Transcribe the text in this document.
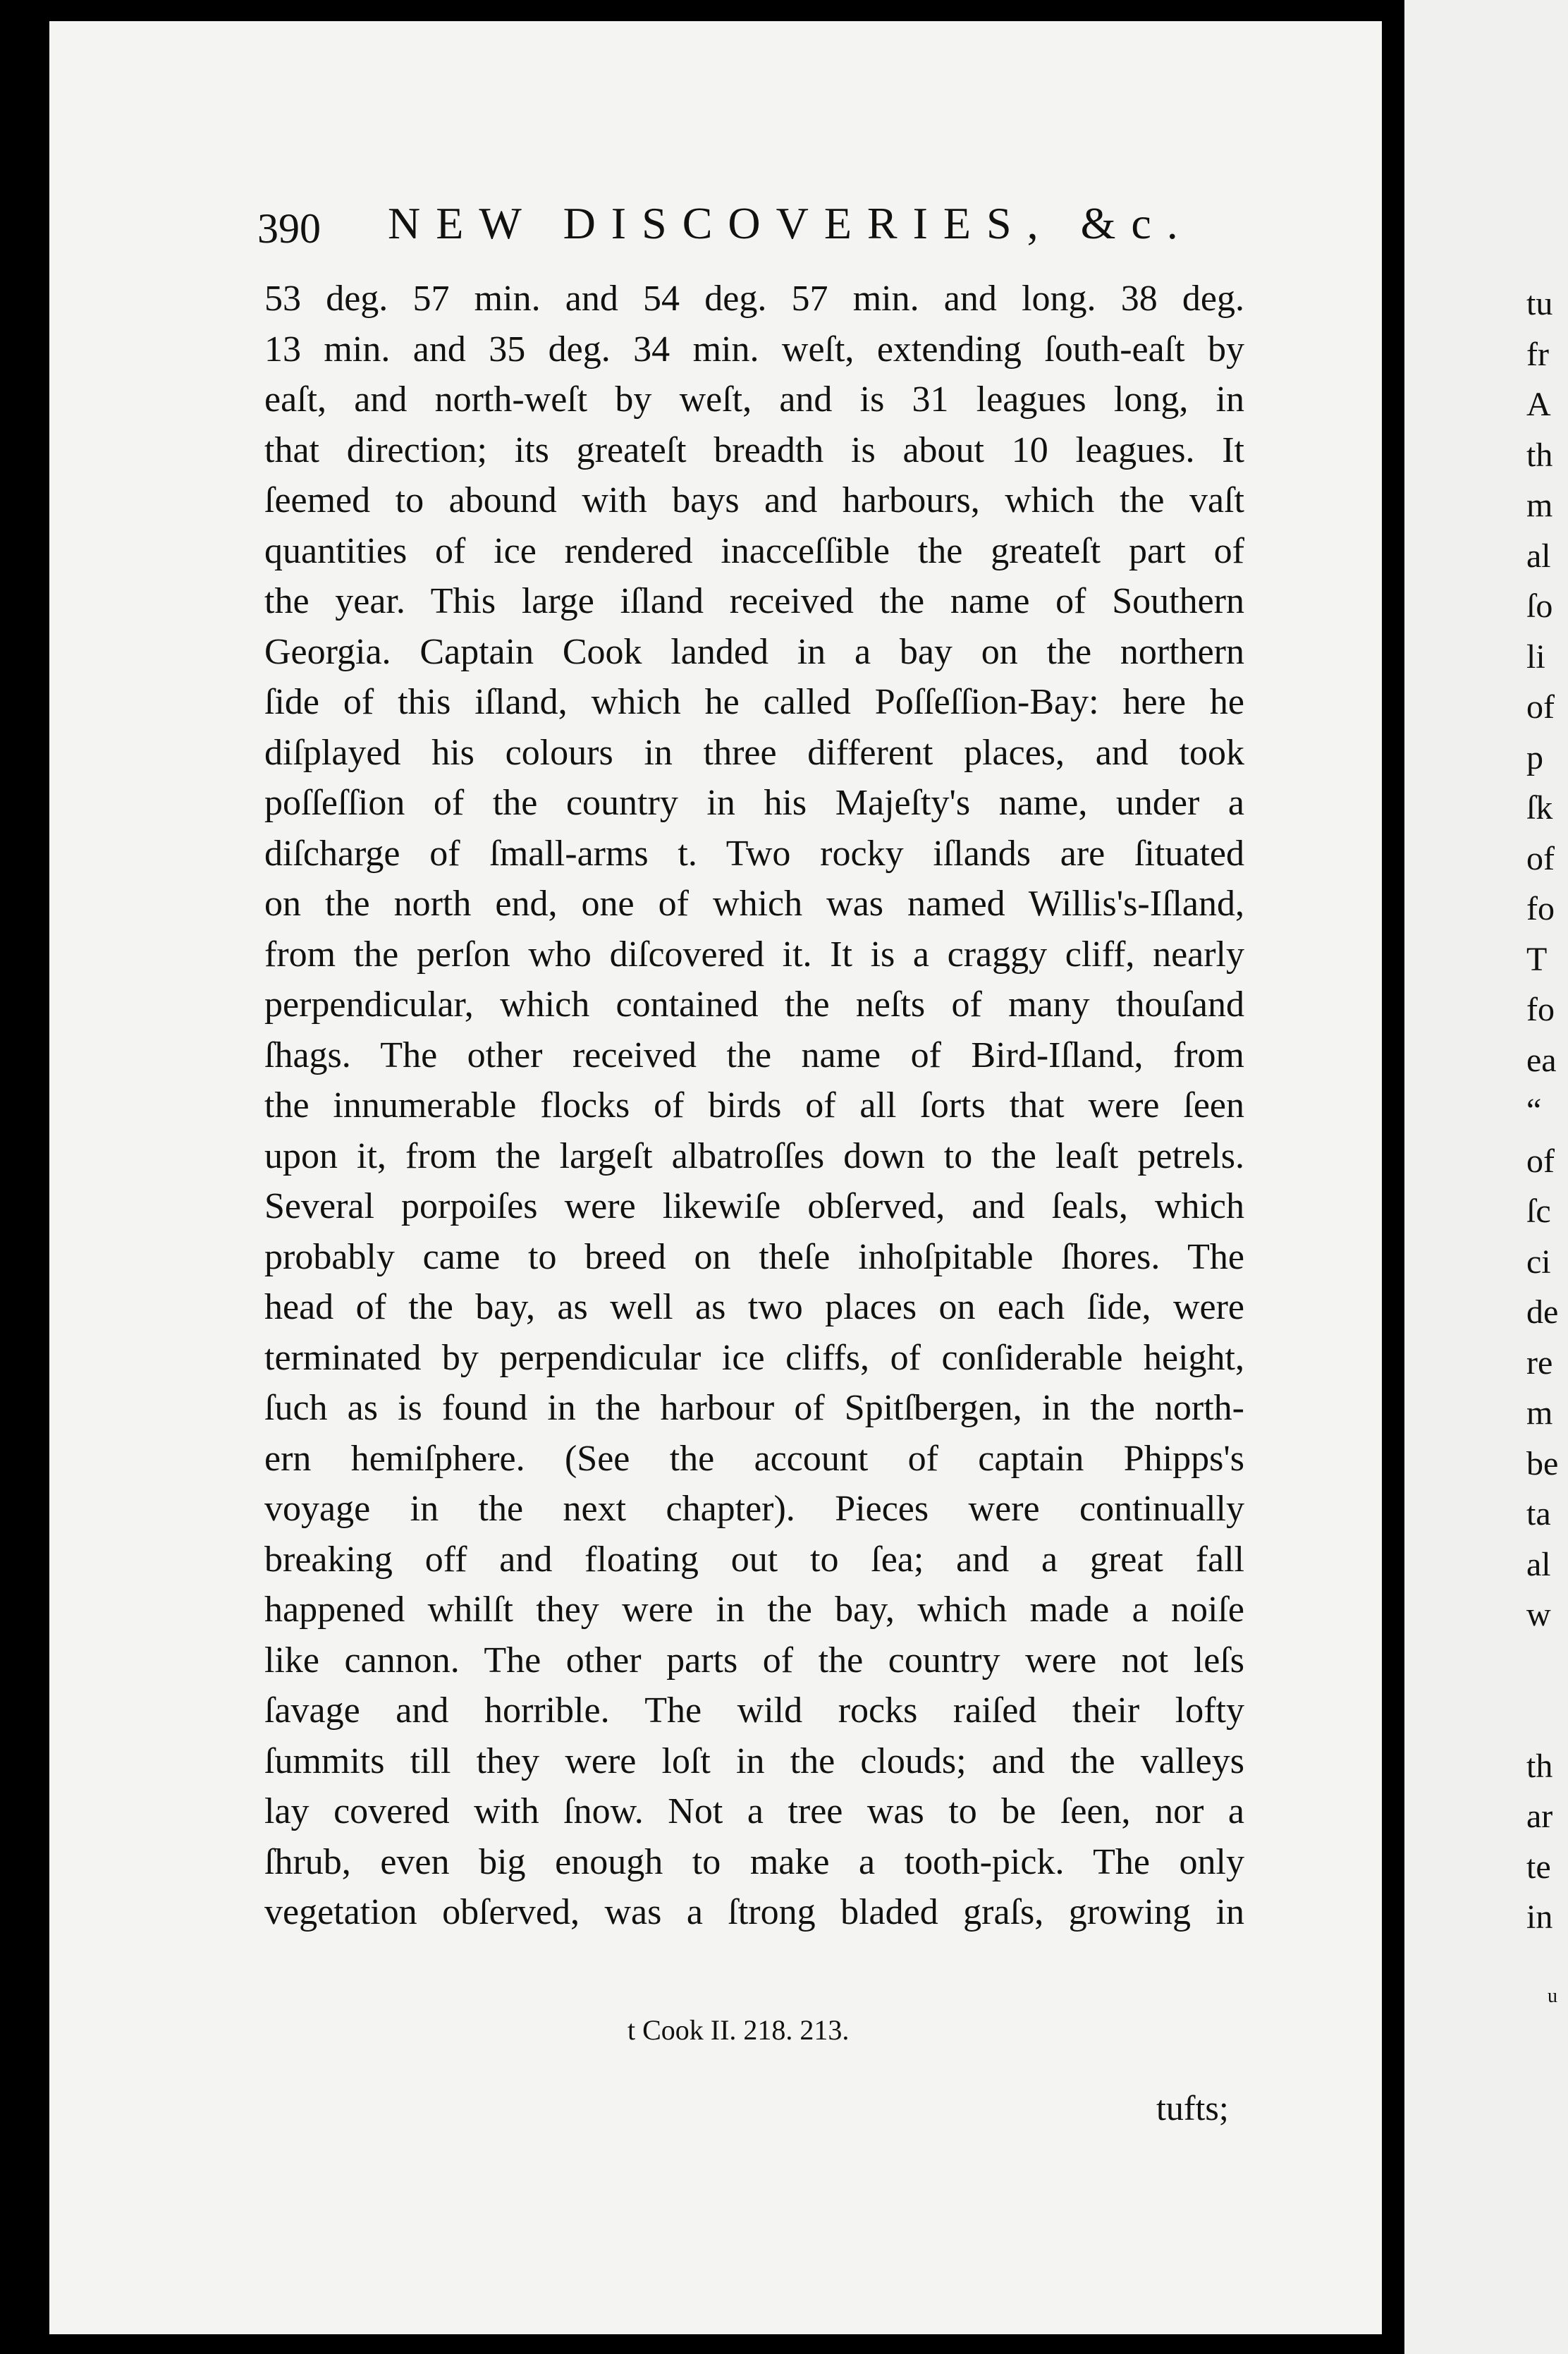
390 NEW DISCOVERIES, &c.
53 deg. 57 min. and 54 deg. 57 min. and long. 38 deg.
13 min. and 35 deg. 34 min. weſt, extending ſouth-eaſt by
eaſt, and north-weſt by weſt, and is 31 leagues long, in
that direction; its greateſt breadth is about 10 leagues. It
ſeemed to abound with bays and harbours, which the vaſt
quantities of ice rendered inacceſſible the greateſt part of
the year. This large iſland received the name of Southern
Georgia. Captain Cook landed in a bay on the northern
ſide of this iſland, which he called Poſſeſſion-Bay: here he
diſplayed his colours in three different places, and took
poſſeſſion of the country in his Majeſty's name, under a
diſcharge of ſmall-arms t. Two rocky iſlands are ſituated
on the north end, one of which was named Willis's-Iſland,
from the perſon who diſcovered it. It is a craggy cliff, nearly
perpendicular, which contained the neſts of many thouſand
ſhags. The other received the name of Bird-Iſland, from
the innumerable flocks of birds of all ſorts that were ſeen
upon it, from the largeſt albatroſſes down to the leaſt petrels.
Several porpoiſes were likewiſe obſerved, and ſeals, which
probably came to breed on theſe inhoſpitable ſhores. The
head of the bay, as well as two places on each ſide, were
terminated by perpendicular ice cliffs, of conſiderable height,
ſuch as is found in the harbour of Spitſbergen, in the north-
ern hemiſphere. (See the account of captain Phipps's
voyage in the next chapter). Pieces were continually
breaking off and floating out to ſea; and a great fall
happened whilſt they were in the bay, which made a noiſe
like cannon. The other parts of the country were not leſs
ſavage and horrible. The wild rocks raiſed their lofty
ſummits till they were loſt in the clouds; and the valleys
lay covered with ſnow. Not a tree was to be ſeen, nor a
ſhrub, even big enough to make a tooth-pick. The only
vegetation obſerved, was a ſtrong bladed graſs, growing in
t Cook II. 218. 213.
tufts;
tu
fr
A
th
m
al
ſo
li
of
p
ſk
of
fo
T
fo
ea
“
of
ſc
ci
de
re
m
be
ta
al
w
th
ar
te
in
u
